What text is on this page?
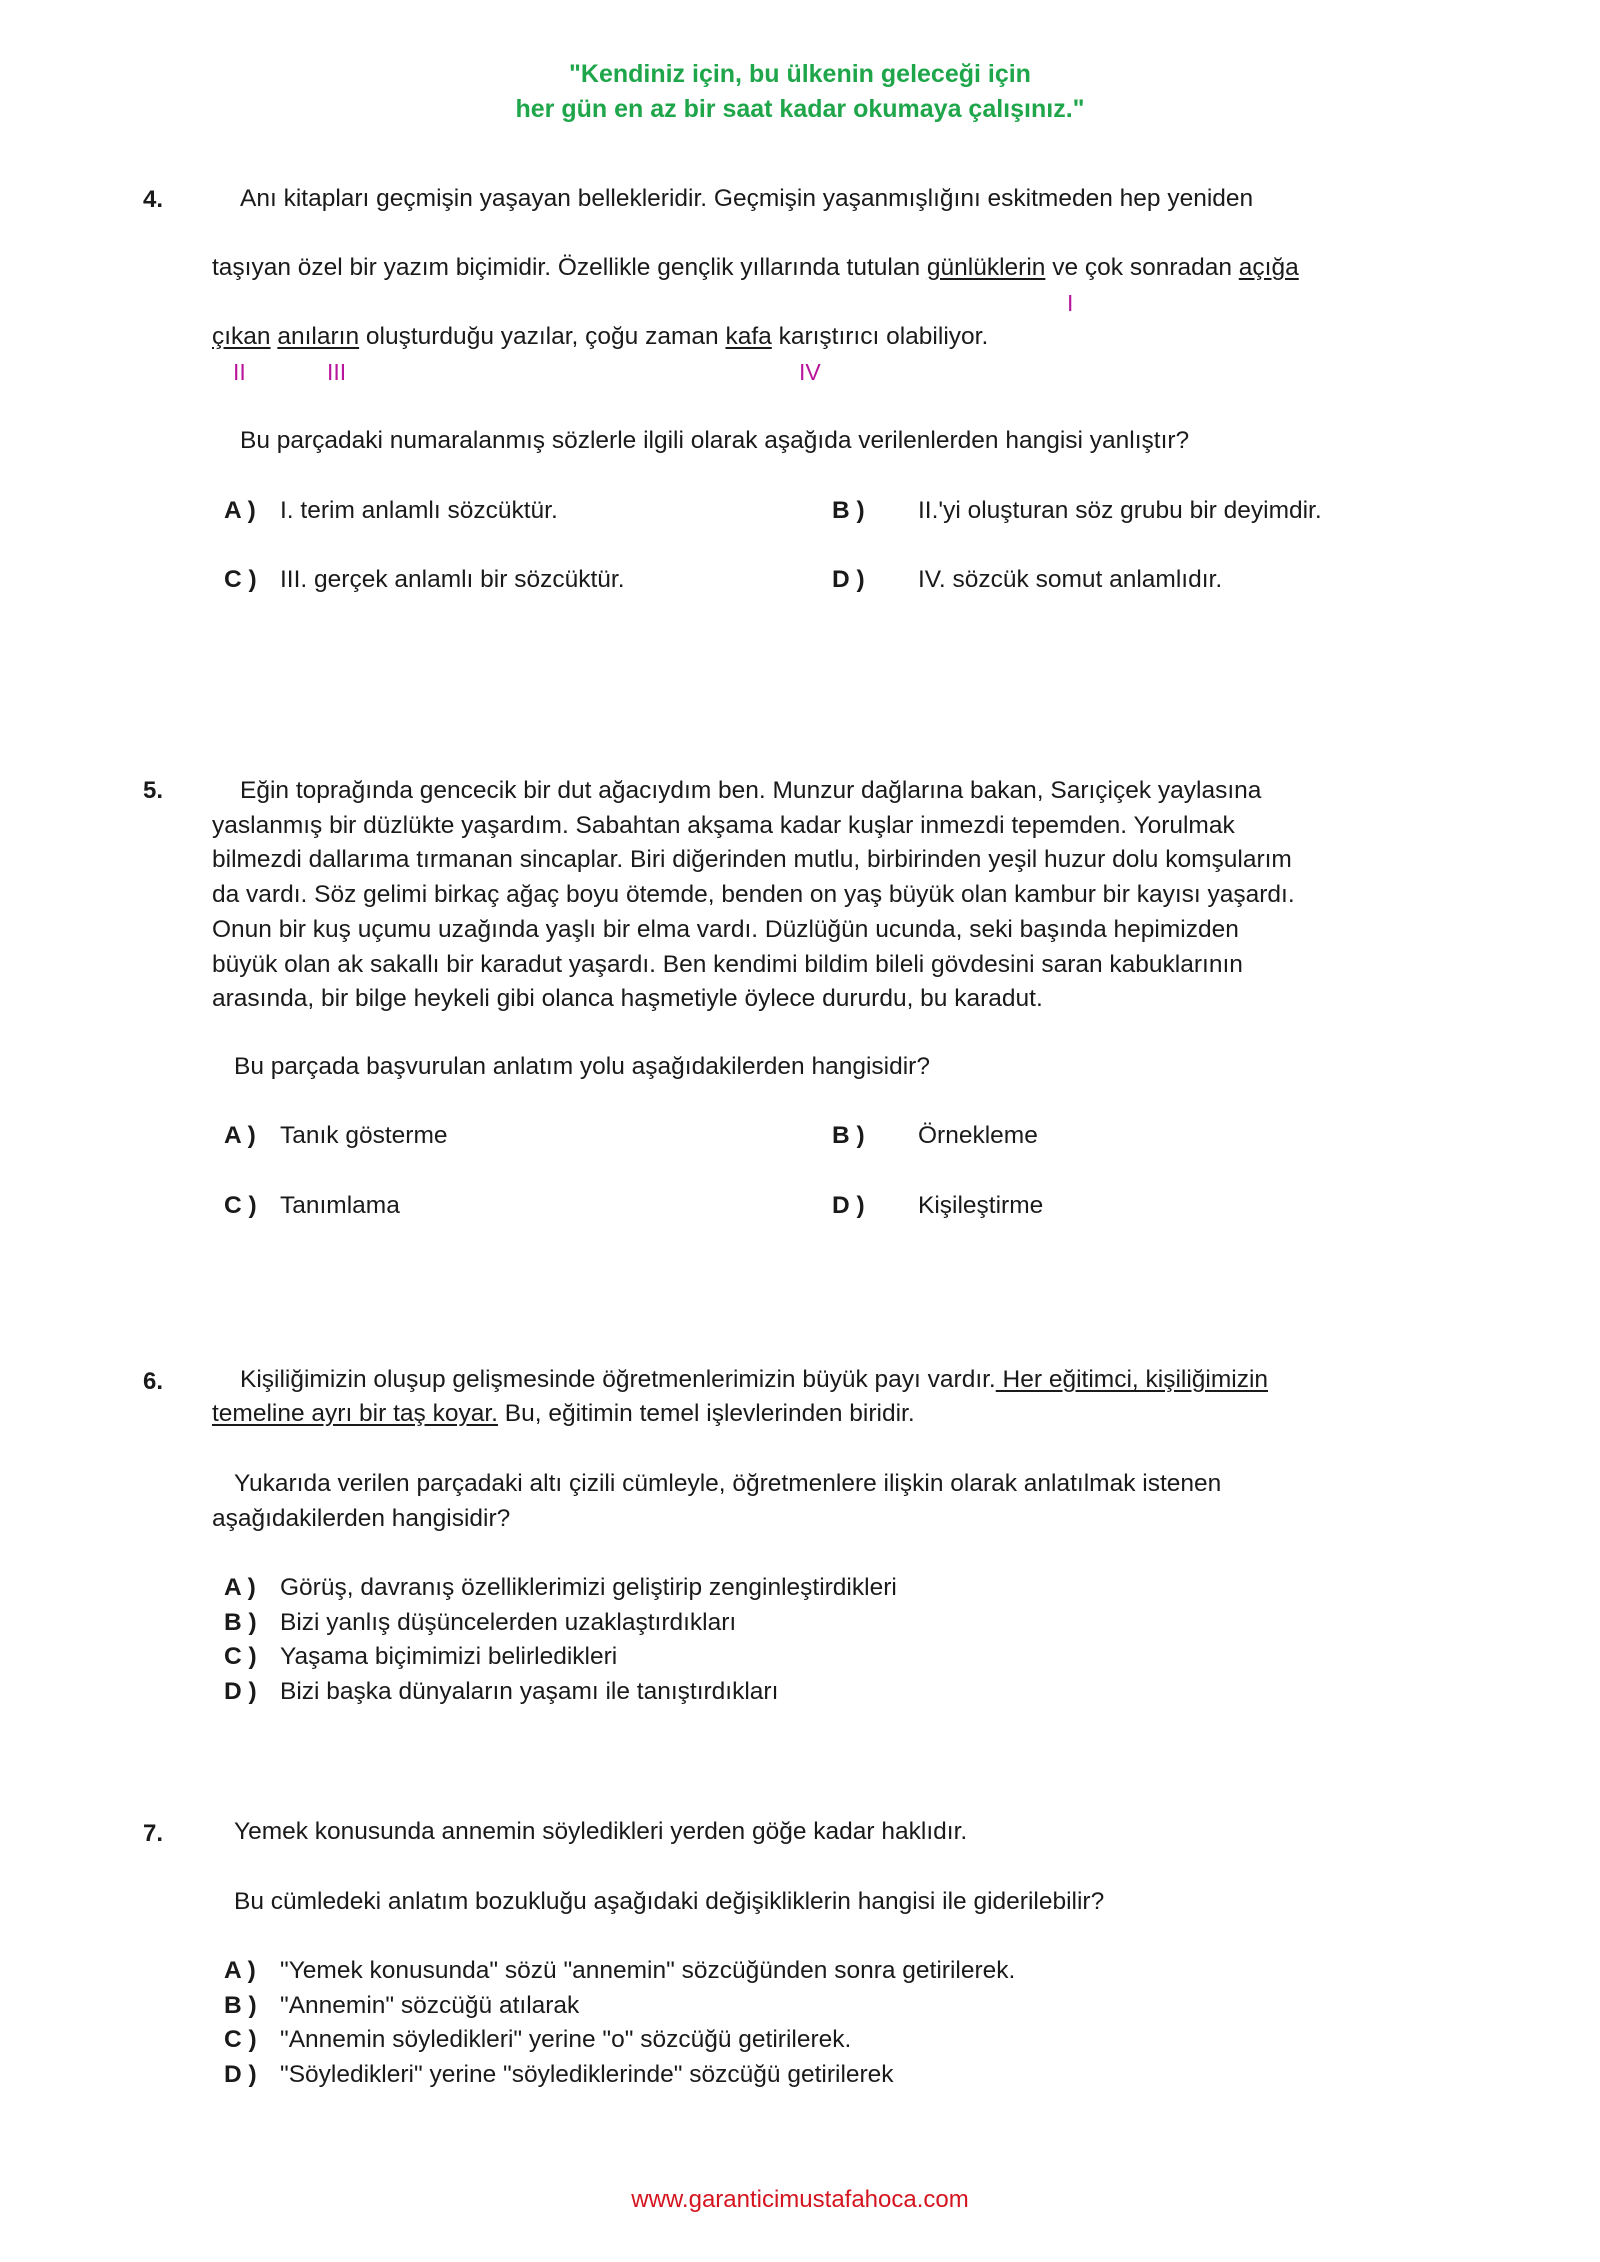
"Kendiniz için, bu ülkenin geleceği için
her gün en az bir saat kadar okumaya çalışınız."
4.	Anı kitapları geçmişin yaşayan bellekleridir. Geçmişin yaşanmışlığını eskitmeden hep yeniden
taşıyan özel bir yazım biçimidir. Özellikle gençlik yıllarında tutulan günlüklerin ve çok sonradan açığa
I
çıkan anıların oluşturduğu yazılar, çoğu zaman kafa karıştırıcı olabiliyor.
II	III	IV
Bu parçadaki numaralanmış sözlerle ilgili olarak aşağıda verilenlerden hangisi yanlıştır?
A ) I. terim anlamlı sözcüktür.	B ) II.'yi oluşturan söz grubu bir deyimdir.
C ) III. gerçek anlamlı bir sözcüktür.	D ) IV. sözcük somut anlamlıdır.
5.	Eğin toprağında gencecik bir dut ağacıydım ben. Munzur dağlarına bakan, Sarıçiçek yaylasına
yaslanmış bir düzlükte yaşardım. Sabahtan akşama kadar kuşlar inmezdi tepemden. Yorulmak
bilmezdi dallarıma tırmanan sincaplar. Biri diğerinden mutlu, birbirinden yeşil huzur dolu komşularım
da vardı. Söz gelimi birkaç ağaç boyu ötemde, benden on yaş büyük olan kambur bir kayısı yaşardı.
Onun bir kuş uçumu uzağında yaşlı bir elma vardı. Düzlüğün ucunda, seki başında hepimizden
büyük olan ak sakallı bir karadut yaşardı. Ben kendimi bildim bileli gövdesini saran kabuklarının
arasında, bir bilge heykeli gibi olanca haşmetiyle öylece dururdu, bu karadut.
Bu parçada başvurulan anlatım yolu aşağıdakilerden hangisidir?
A ) Tanık gösterme	B ) Örnekleme
C ) Tanımlama	D ) Kişileştirme
6.	Kişiliğimizin oluşup gelişmesinde öğretmenlerimizin büyük payı vardır. Her eğitimci, kişiliğimizin
temeline ayrı bir taş koyar. Bu, eğitimin temel işlevlerinden biridir.
Yukarıda verilen parçadaki altı çizili cümleyle, öğretmenlere ilişkin olarak anlatılmak istenen
aşağıdakilerden hangisidir?
A ) Görüş, davranış özelliklerimizi geliştirip zenginleştirdikleri
B ) Bizi yanlış düşüncelerden uzaklaştırdıkları
C ) Yaşama biçimimizi belirledikleri
D ) Bizi başka dünyaların yaşamı ile tanıştırdıkları
7.	Yemek konusunda annemin söyledikleri yerden göğe kadar haklıdır.
Bu cümledeki anlatım bozukluğu aşağıdaki değişikliklerin hangisi ile giderilebilir?
A ) "Yemek konusunda" sözü "annemin" sözcüğünden sonra getirilerek.
B ) "Annemin" sözcüğü atılarak
C ) "Annemin söyledikleri" yerine "o" sözcüğü getirilerek.
D ) "Söyledikleri" yerine "söylediklerinde" sözcüğü getirilerek
www.garanticimustafahoca.com
